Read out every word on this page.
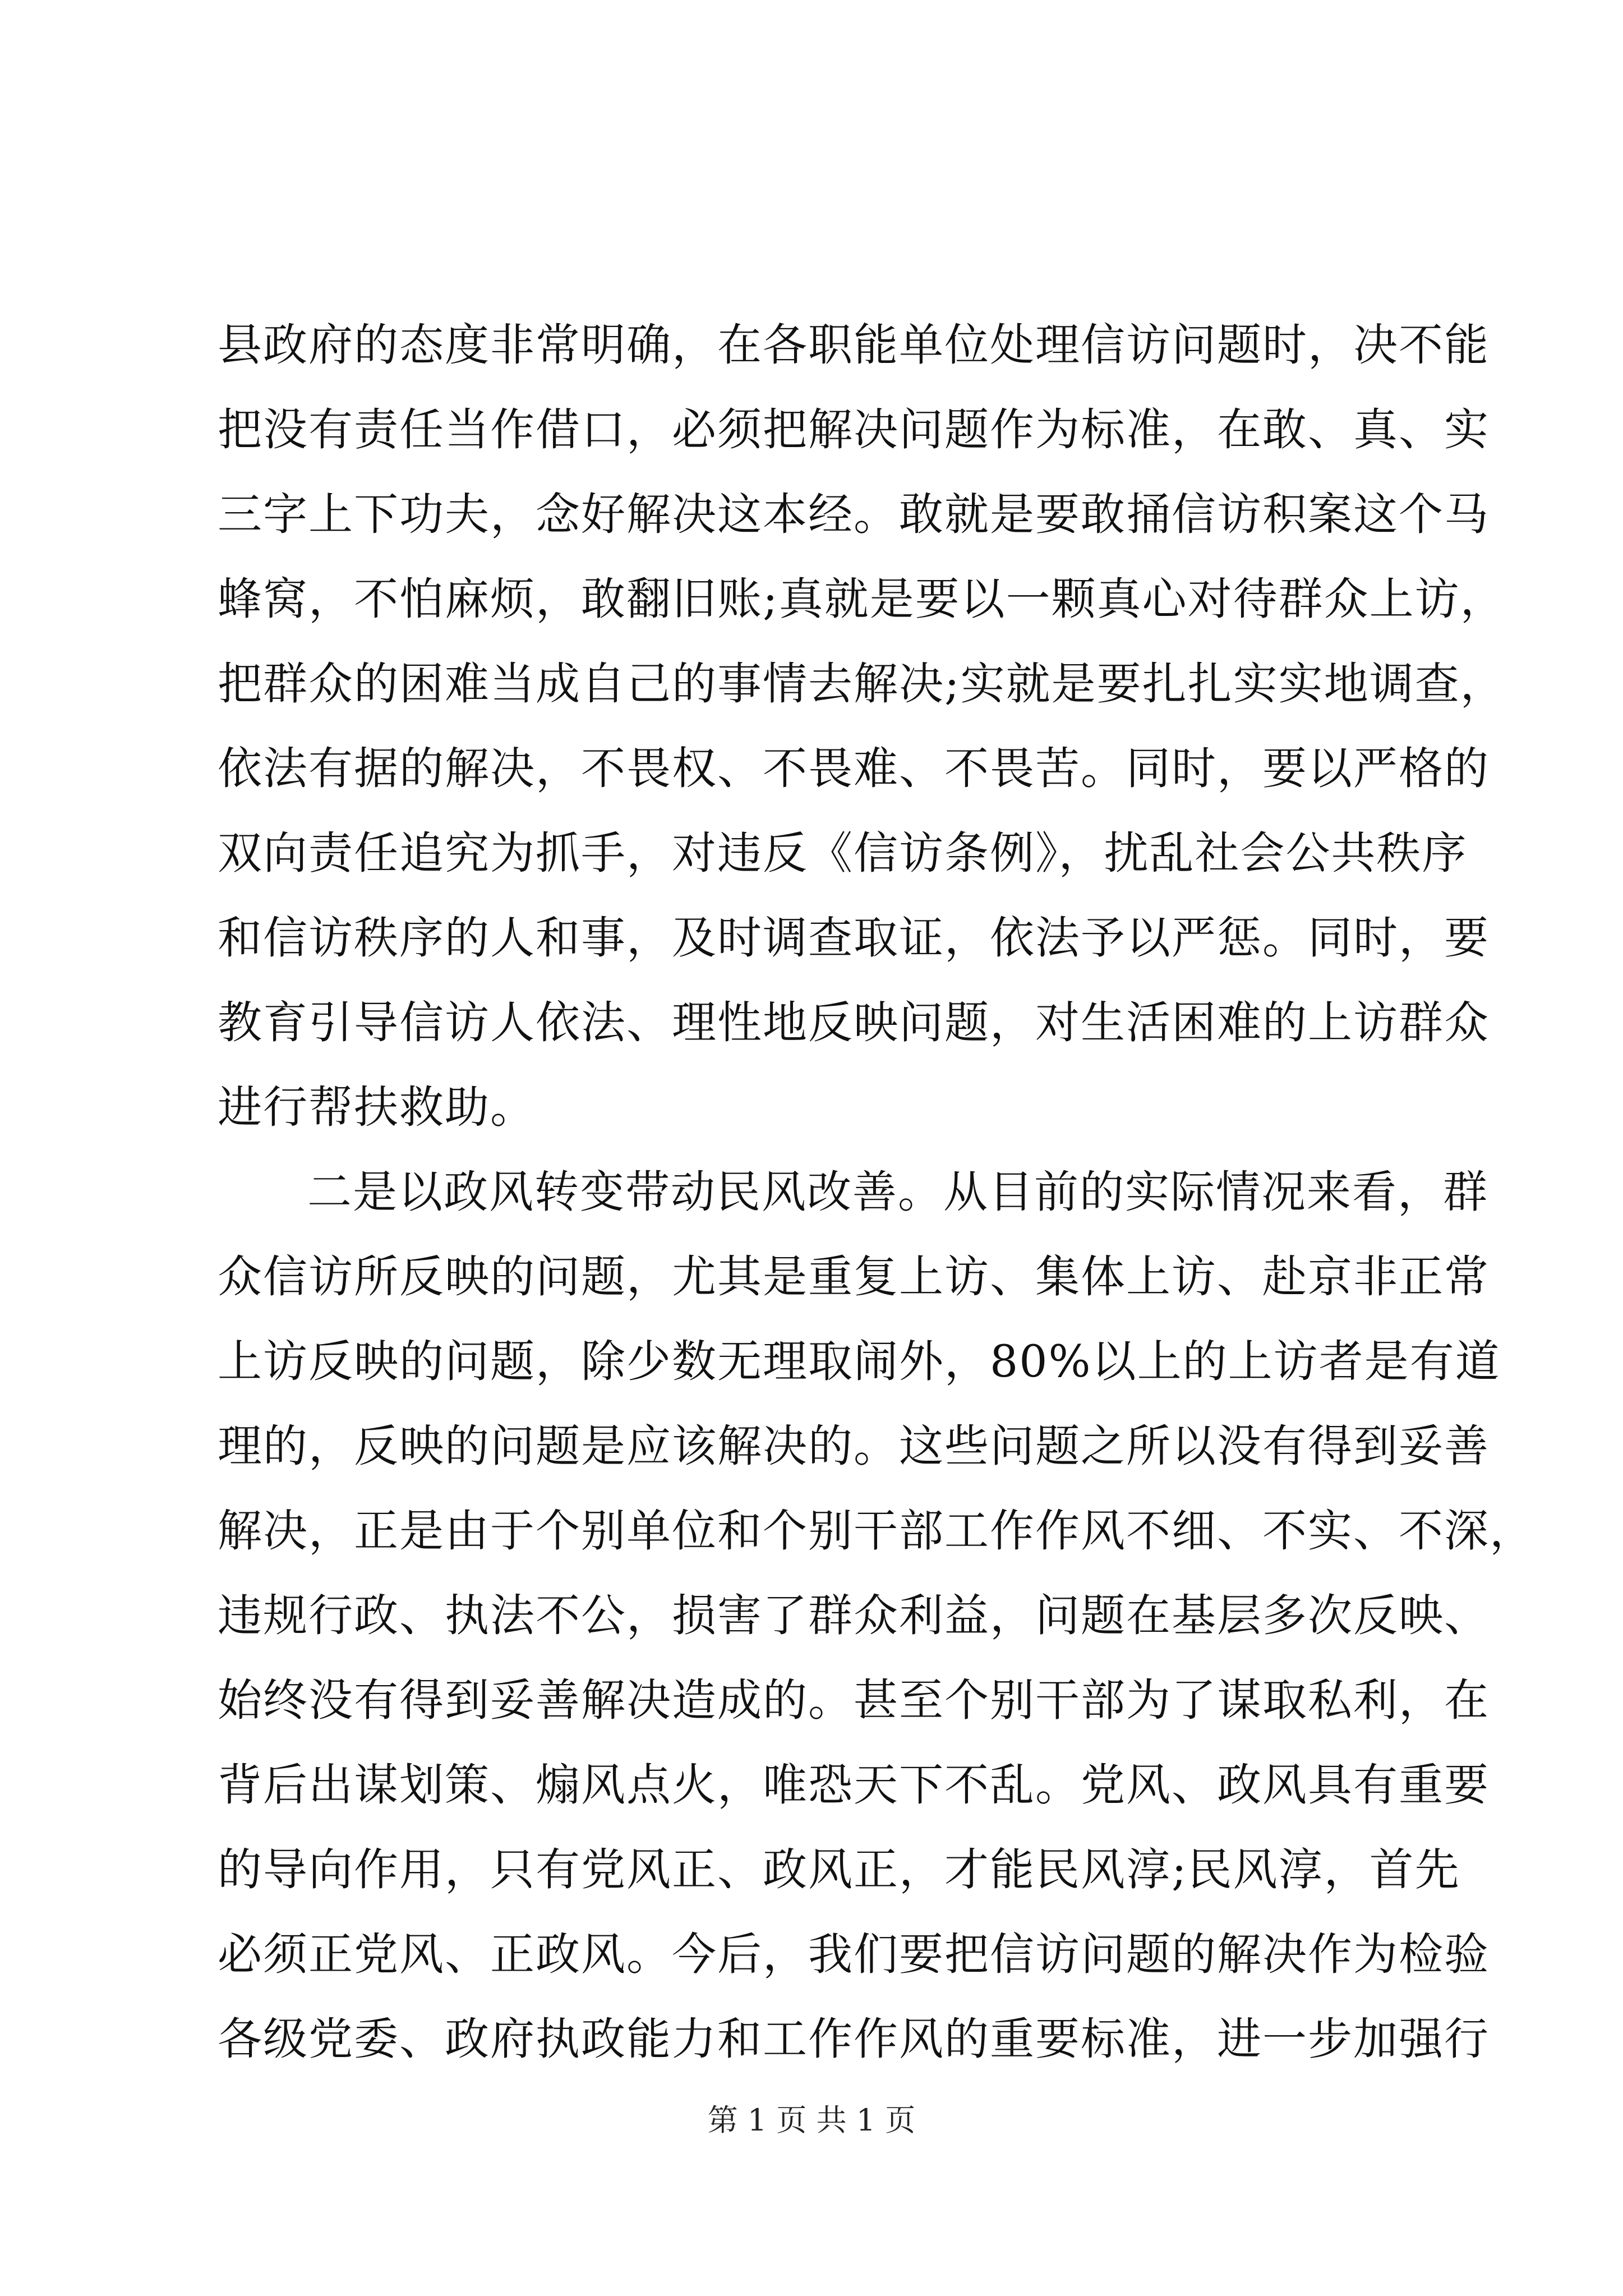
县政府的态度非常明确，在各职能单位处理信访问题时，决不能
把没有责任当作借口，必须把解决问题作为标准，在敢、真、实
三字上下功夫，念好解决这本经。敢就是要敢捅信访积案这个马
蜂窝，不怕麻烦，敢翻旧账;真就是要以一颗真心对待群众上访，
把群众的困难当成自己的事情去解决;实就是要扎扎实实地调查，
依法有据的解决，不畏权、不畏难、不畏苦。同时，要以严格的
双向责任追究为抓手，对违反《信访条例》，扰乱社会公共秩序
和信访秩序的人和事，及时调查取证，依法予以严惩。同时，要
教育引导信访人依法、理性地反映问题，对生活困难的上访群众
进行帮扶救助。
二是以政风转变带动民风改善。从目前的实际情况来看，群
众信访所反映的问题，尤其是重复上访、集体上访、赴京非正常
上访反映的问题，除少数无理取闹外，80%以上的上访者是有道
理的，反映的问题是应该解决的。这些问题之所以没有得到妥善
解决，正是由于个别单位和个别干部工作作风不细、不实、不深，
违规行政、执法不公，损害了群众利益，问题在基层多次反映、
始终没有得到妥善解决造成的。甚至个别干部为了谋取私利，在
背后出谋划策、煽风点火，唯恐天下不乱。党风、政风具有重要
的导向作用，只有党风正、政风正，才能民风淳;民风淳，首先
必须正党风、正政风。今后，我们要把信访问题的解决作为检验
各级党委、政府执政能力和工作作风的重要标准，进一步加强行
第 1 页 共 1 页
